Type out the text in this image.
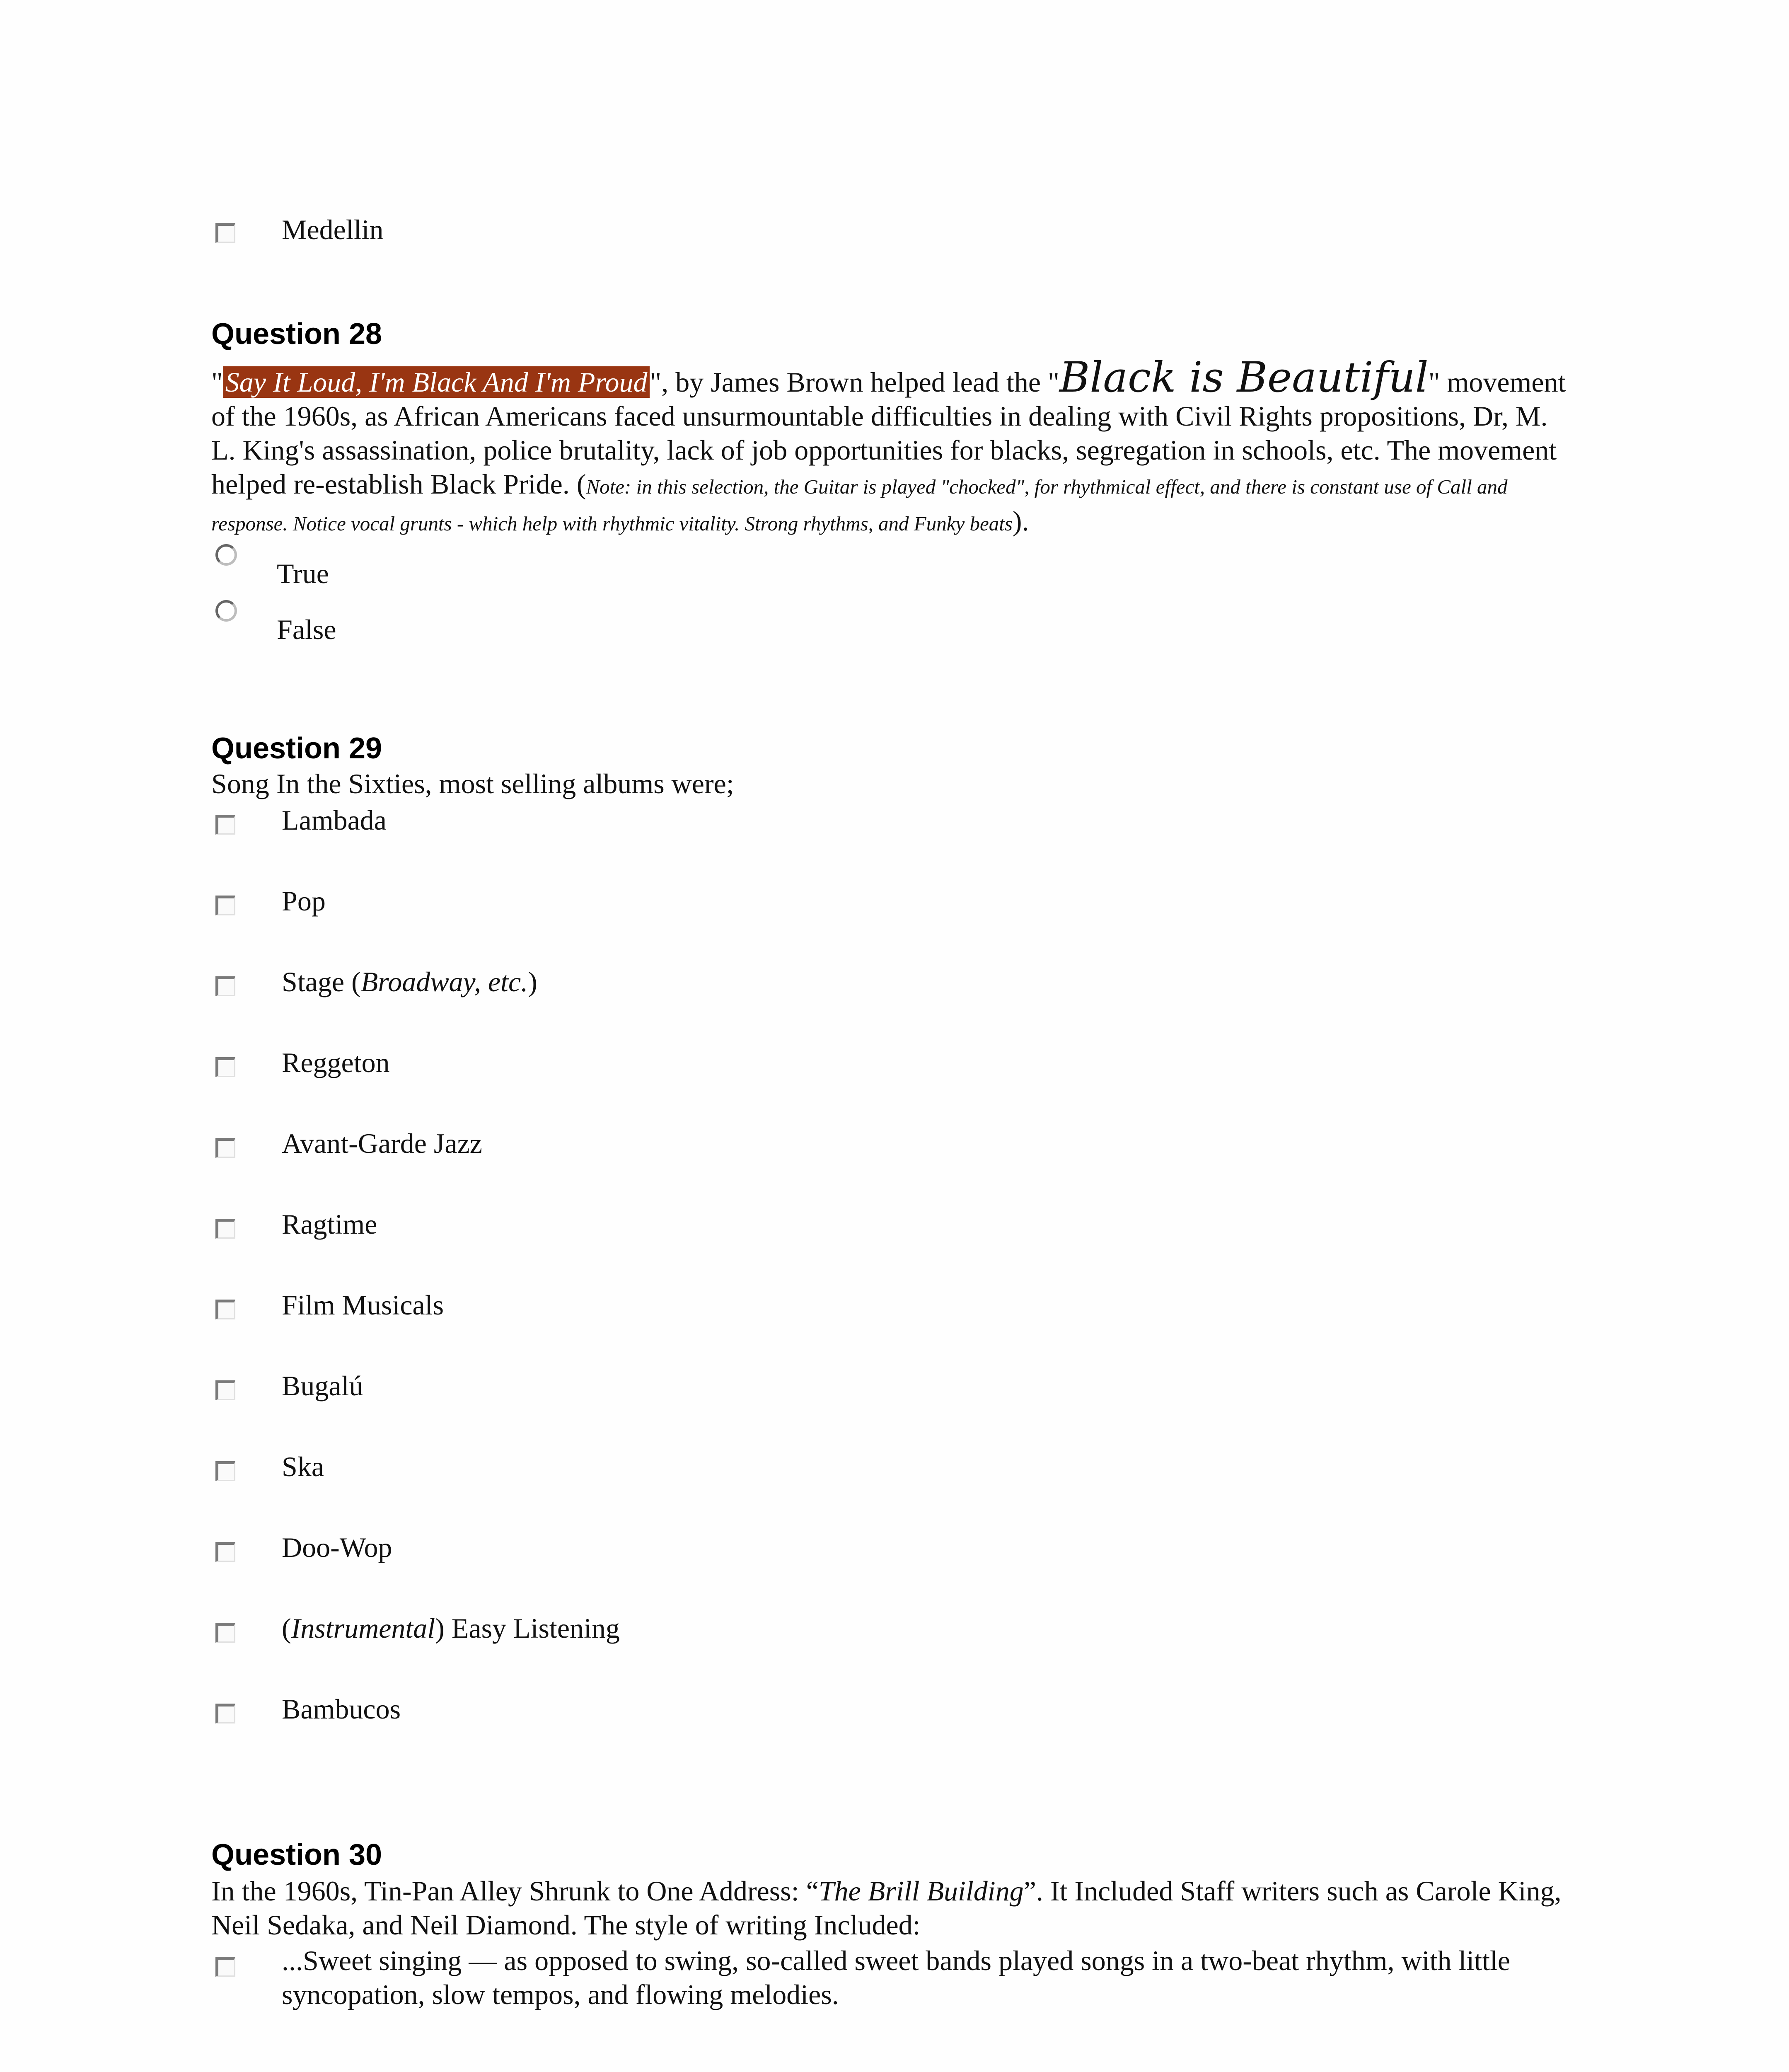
Medellin
Question 28
"Say It Loud, I'm Black And I'm Proud", by James Brown helped lead the "Black is Beautiful" movement of the 1960s, as African Americans faced unsurmountable difficulties in dealing with Civil Rights propositions, Dr, M. L. King's assassination, police brutality, lack of job opportunities for blacks, segregation in schools, etc. The movement helped re-establish Black Pride. (Note: in this selection, the Guitar is played "chocked", for rhythmical effect, and there is constant use of Call and response. Notice vocal grunts - which help with rhythmic vitality. Strong rhythms, and Funky beats).
True
False
Question 29
Song In the Sixties, most selling albums were;
Lambada
Pop
Stage (Broadway, etc.)
Reggeton
Avant-Garde Jazz
Ragtime
Film Musicals
Bugalú
Ska
Doo-Wop
(Instrumental) Easy Listening
Bambucos
Question 30
In the 1960s, Tin-Pan Alley Shrunk to One Address: “The Brill Building”. It Included Staff writers such as Carole King, Neil Sedaka, and Neil Diamond. The style of writing Included:
...Sweet singing — as opposed to swing, so-called sweet bands played songs in a two-beat rhythm, with little syncopation, slow tempos, and flowing melodies.
